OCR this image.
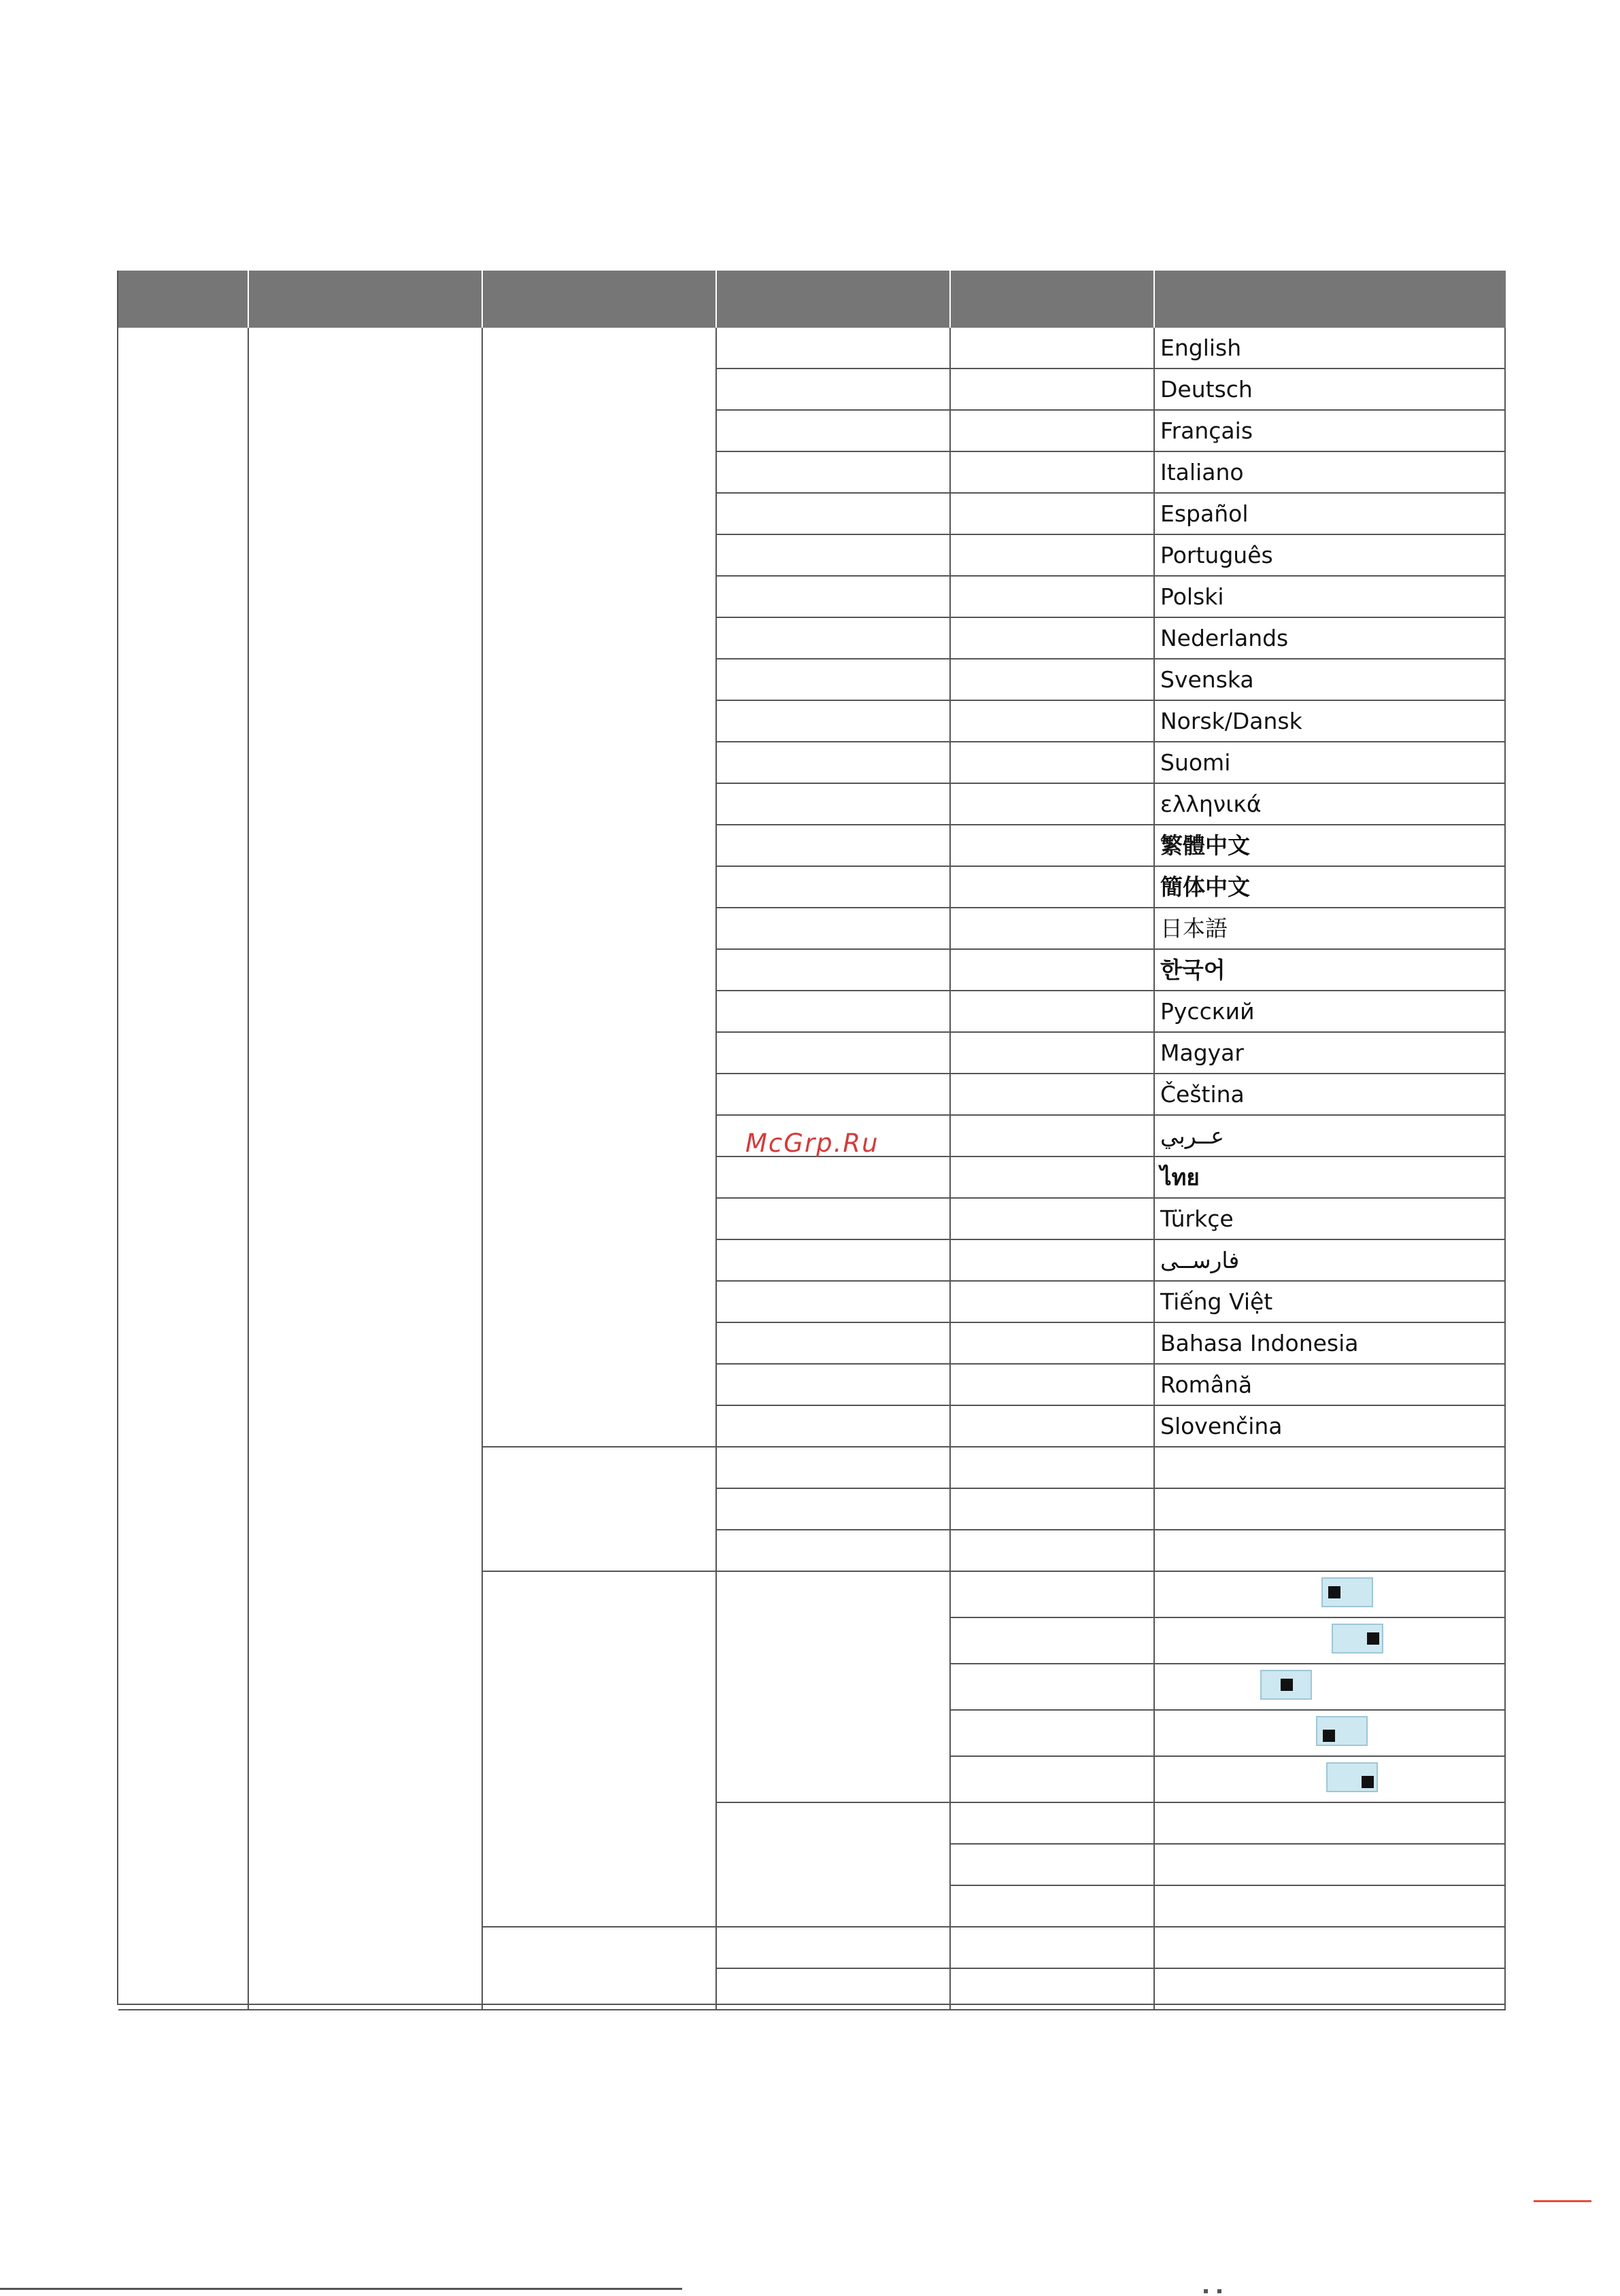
English
Deutsch
Français
Italiano
Español
Português
Polski
Nederlands
Svenska
Norsk/Dansk
Suomi
ελληνικά
繁體中文
簡体中文
日本語
한국어
Русский
Magyar
Čeština
عــربي
ไทย
Türkçe
فارســی
Tiếng Việt
Bahasa Indonesia
Română
Slovenčina
McGrp.Ru
